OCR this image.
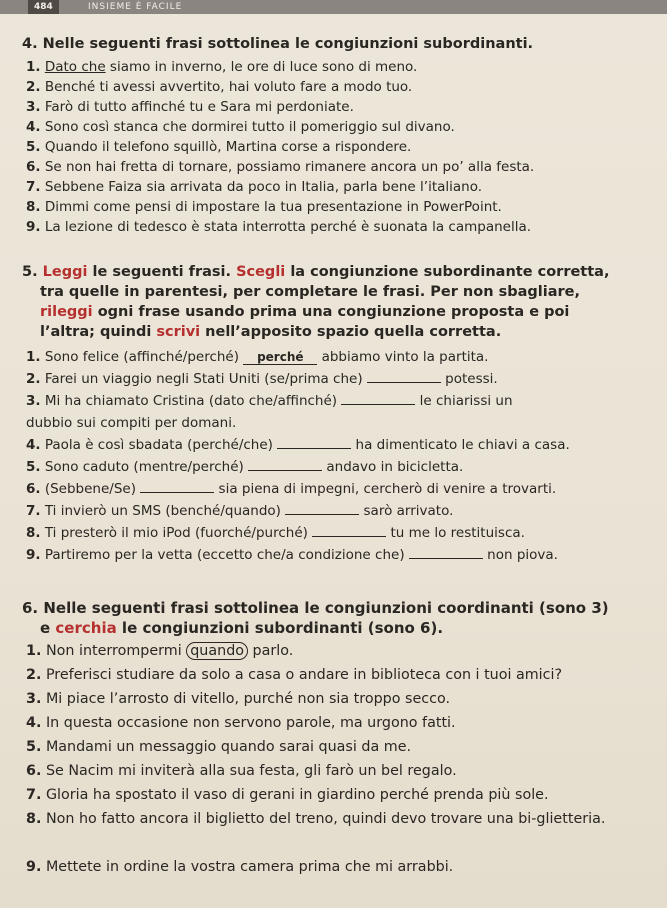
484	INSIEME È FACILE
4. Nelle seguenti frasi sottolinea le congiunzioni subordinanti.
1. Dato che siamo in inverno, le ore di luce sono di meno.
2. Benché ti avessi avvertito, hai voluto fare a modo tuo.
3. Farò di tutto affinché tu e Sara mi perdoniate.
4. Sono così stanca che dormirei tutto il pomeriggio sul divano.
5. Quando il telefono squillò, Martina corse a rispondere.
6. Se non hai fretta di tornare, possiamo rimanere ancora un po’ alla festa.
7. Sebbene Faiza sia arrivata da poco in Italia, parla bene l’italiano.
8. Dimmi come pensi di impostare la tua presentazione in PowerPoint.
9. La lezione di tedesco è stata interrotta perché è suonata la campanella.
5. Leggi le seguenti frasi. Scegli la congiunzione subordinante corretta,
tra quelle in parentesi, per completare le frasi. Per non sbagliare,
rileggi ogni frase usando prima una congiunzione proposta e poi
l’altra; quindi scrivi nell’apposito spazio quella corretta.
1. Sono felice (affinché/perché) perché abbiamo vinto la partita.
2. Farei un viaggio negli Stati Uniti (se/prima che)	potessi.
3. Mi ha chiamato Cristina (dato che/affinché)	le chiarissi un
dubbio sui compiti per domani.
4. Paola è così sbadata (perché/che)	ha dimenticato le chiavi a casa.
5. Sono caduto (mentre/perché)	andavo in bicicletta.
6. (Sebbene/Se)	sia piena di impegni, cercherò di venire a trovarti.
7. Ti invierò un SMS (benché/quando)	sarò arrivato.
8. Ti presterò il mio iPod (fuorché/purché)	tu me lo restituisca.
9. Partiremo per la vetta (eccetto che/a condizione che)	non piova.
6. Nelle seguenti frasi sottolinea le congiunzioni coordinanti (sono 3)
e cerchia le congiunzioni subordinanti (sono 6).
1. Non interrompermi quando parlo.
2. Preferisci studiare da solo a casa o andare in biblioteca con i tuoi amici?
3. Mi piace l’arrosto di vitello, purché non sia troppo secco.
4. In questa occasione non servono parole, ma urgono fatti.
5. Mandami un messaggio quando sarai quasi da me.
6. Se Nacim mi inviterà alla sua festa, gli farò un bel regalo.
7. Gloria ha spostato il vaso di gerani in giardino perché prenda più sole.
8. Non ho fatto ancora il biglietto del treno, quindi devo trovare una bi-glietteria.
9. Mettete in ordine la vostra camera prima che mi arrabbi.
